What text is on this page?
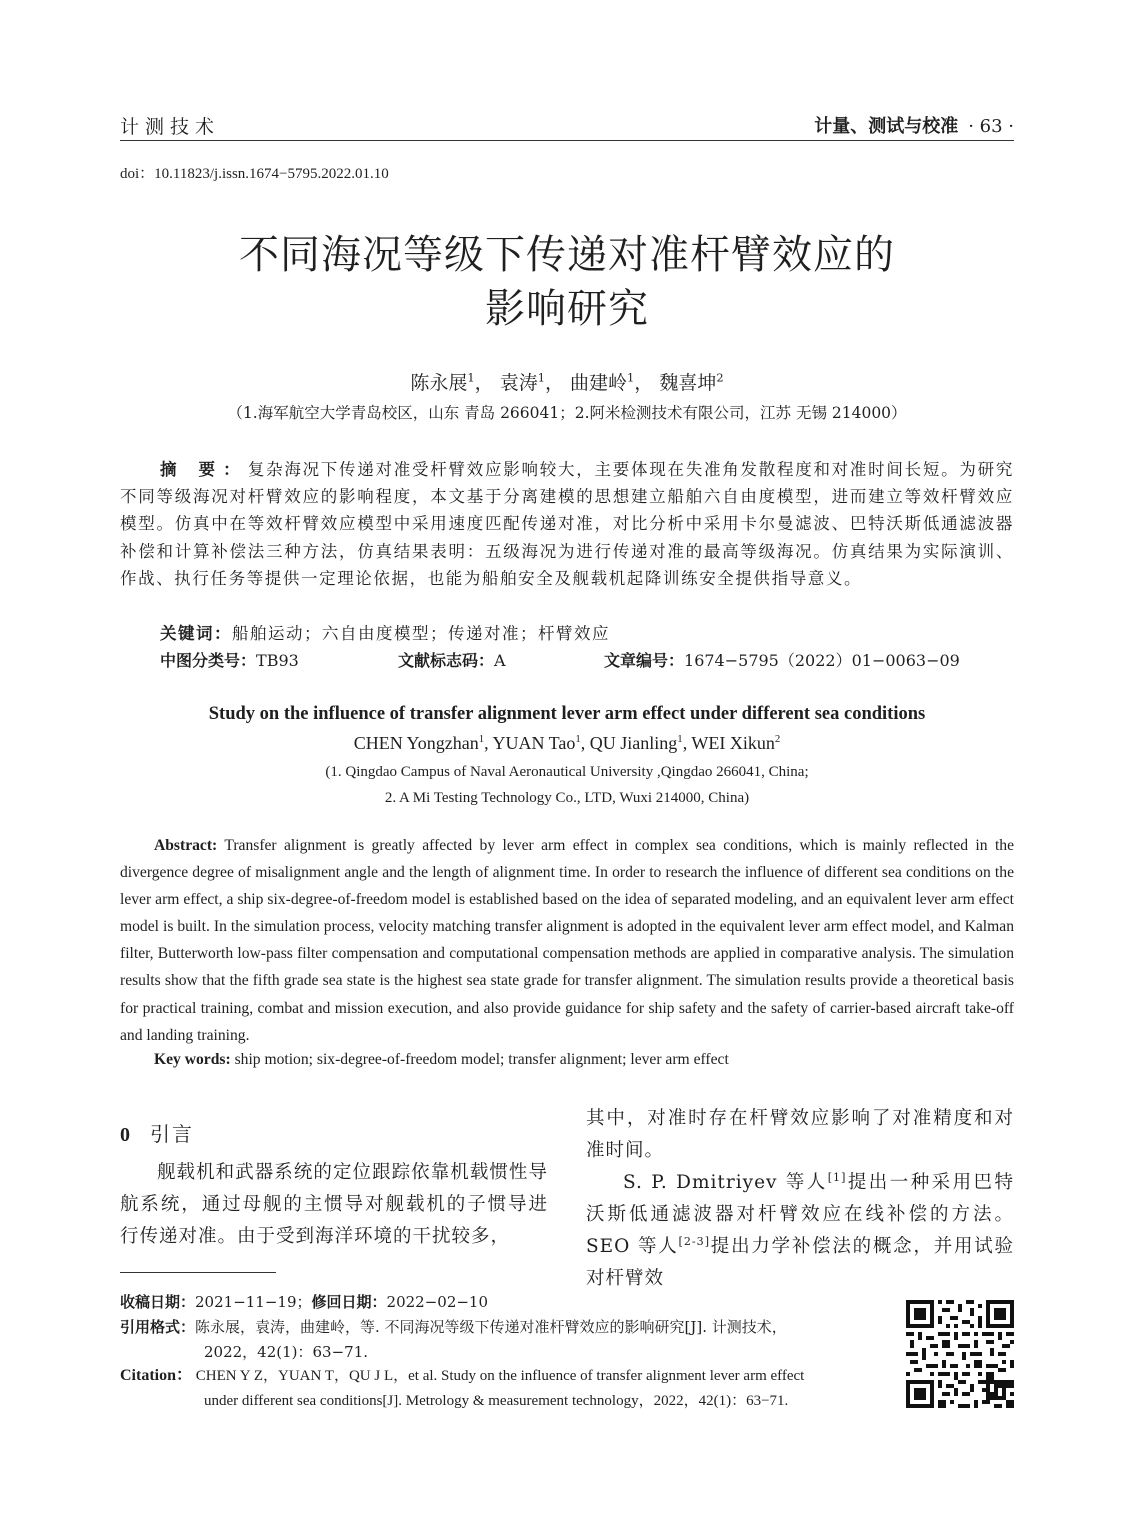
计测技术	计量、测试与校准 · 63 ·
doi：10.11823/j.issn.1674−5795.2022.01.10
不同海况等级下传递对准杆臂效应的
影响研究
陈永展$^1$， 袁涛$^1$， 曲建岭$^1$， 魏喜坤$^2$
（1.海军航空大学青岛校区，山东 青岛 266041；2.阿米检测技术有限公司，江苏 无锡 214000）
摘 要：复杂海况下传递对准受杆臂效应影响较大，主要体现在失准角发散程度和对准时间长短。为研究不同等级海况对杆臂效应的影响程度，本文基于分离建模的思想建立船舶六自由度模型，进而建立等效杆臂效应模型。仿真中在等效杆臂效应模型中采用速度匹配传递对准，对比分析中采用卡尔曼滤波、巴特沃斯低通滤波器补偿和计算补偿法三种方法，仿真结果表明：五级海况为进行传递对准的最高等级海况。仿真结果为实际演训、作战、执行任务等提供一定理论依据，也能为船舶安全及舰载机起降训练安全提供指导意义。
关键词：船舶运动；六自由度模型；传递对准；杆臂效应
中图分类号：TB93	文献标志码：A	文章编号：1674−5795（2022）01−0063−09
Study on the influence of transfer alignment lever arm effect under different sea conditions
CHEN Yongzhan$^1$, YUAN Tao$^1$, QU Jianling$^1$, WEI Xikun$^2$
(1. Qingdao Campus of Naval Aeronautical University ,Qingdao 266041, China;
2. A Mi Testing Technology Co., LTD, Wuxi 214000, China)
Abstract: Transfer alignment is greatly affected by lever arm effect in complex sea conditions, which is mainly reflected in the divergence degree of misalignment angle and the length of alignment time. In order to research the influence of different sea conditions on the lever arm effect, a ship six-degree-of-freedom model is established based on the idea of separated modeling, and an equivalent lever arm effect model is built. In the simulation process, velocity matching transfer alignment is adopted in the equivalent lever arm effect model, and Kalman filter, Butterworth low-pass filter compensation and computational compensation methods are applied in comparative analysis. The simulation results show that the fifth grade sea state is the highest sea state grade for transfer alignment. The simulation results provide a theoretical basis for practical training, combat and mission execution, and also provide guidance for ship safety and the safety of carrier-based aircraft take-off and landing training.
Key words: ship motion; six-degree-of-freedom model; transfer alignment; lever arm effect
0 引言

舰载机和武器系统的定位跟踪依靠机载惯性导航系统，通过母舰的主惯导对舰载机的子惯导进行传递对准。由于受到海洋环境的干扰较多，

其中，对准时存在杆臂效应影响了对准精度和对准时间。

S. P. Dmitriyev 等人[1]提出一种采用巴特沃斯低通滤波器对杆臂效应在线补偿的方法。SEO 等人[2-3]提出力学补偿法的概念，并用试验对杆臂效

收稿日期：2021−11−19；修回日期：2022−02−10
引用格式：陈永展，袁涛，曲建岭，等. 不同海况等级下传递对准杆臂效应的影响研究[J]. 计测技术，
2022，42(1)：63−71.
Citation： CHEN Y Z，YUAN T，QU J L，et al. Study on the influence of transfer alignment lever arm effect
under different sea conditions[J]. Metrology & measurement technology，2022，42(1)：63−71.
